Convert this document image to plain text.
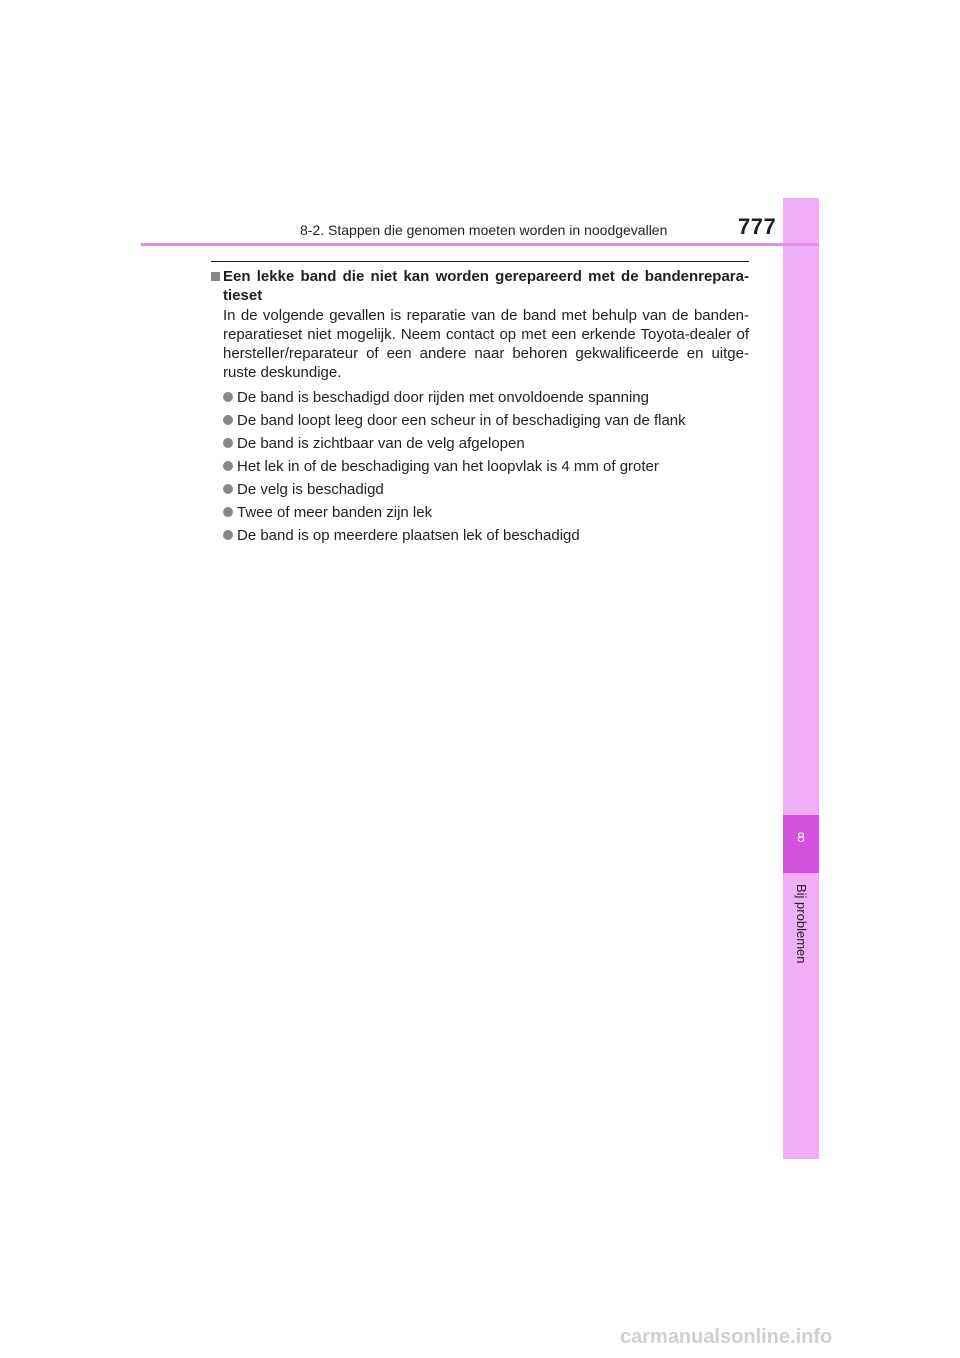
8
Bij problemen
8-2. Stappen die genomen moeten worden in noodgevallen	777
Een lekke band die niet kan worden gerepareerd met de bandenrepara-tieset

In de volgende gevallen is reparatie van de band met behulp van de banden-reparatieset niet mogelijk. Neem contact op met een erkende Toyota-dealer of hersteller/reparateur of een andere naar behoren gekwalificeerde en uitge-ruste deskundige.

De band is beschadigd door rijden met onvoldoende spanning
De band loopt leeg door een scheur in of beschadiging van de flank
De band is zichtbaar van de velg afgelopen
Het lek in of de beschadiging van het loopvlak is 4 mm of groter
De velg is beschadigd
Twee of meer banden zijn lek
De band is op meerdere plaatsen lek of beschadigd
carmanualsonline.info
